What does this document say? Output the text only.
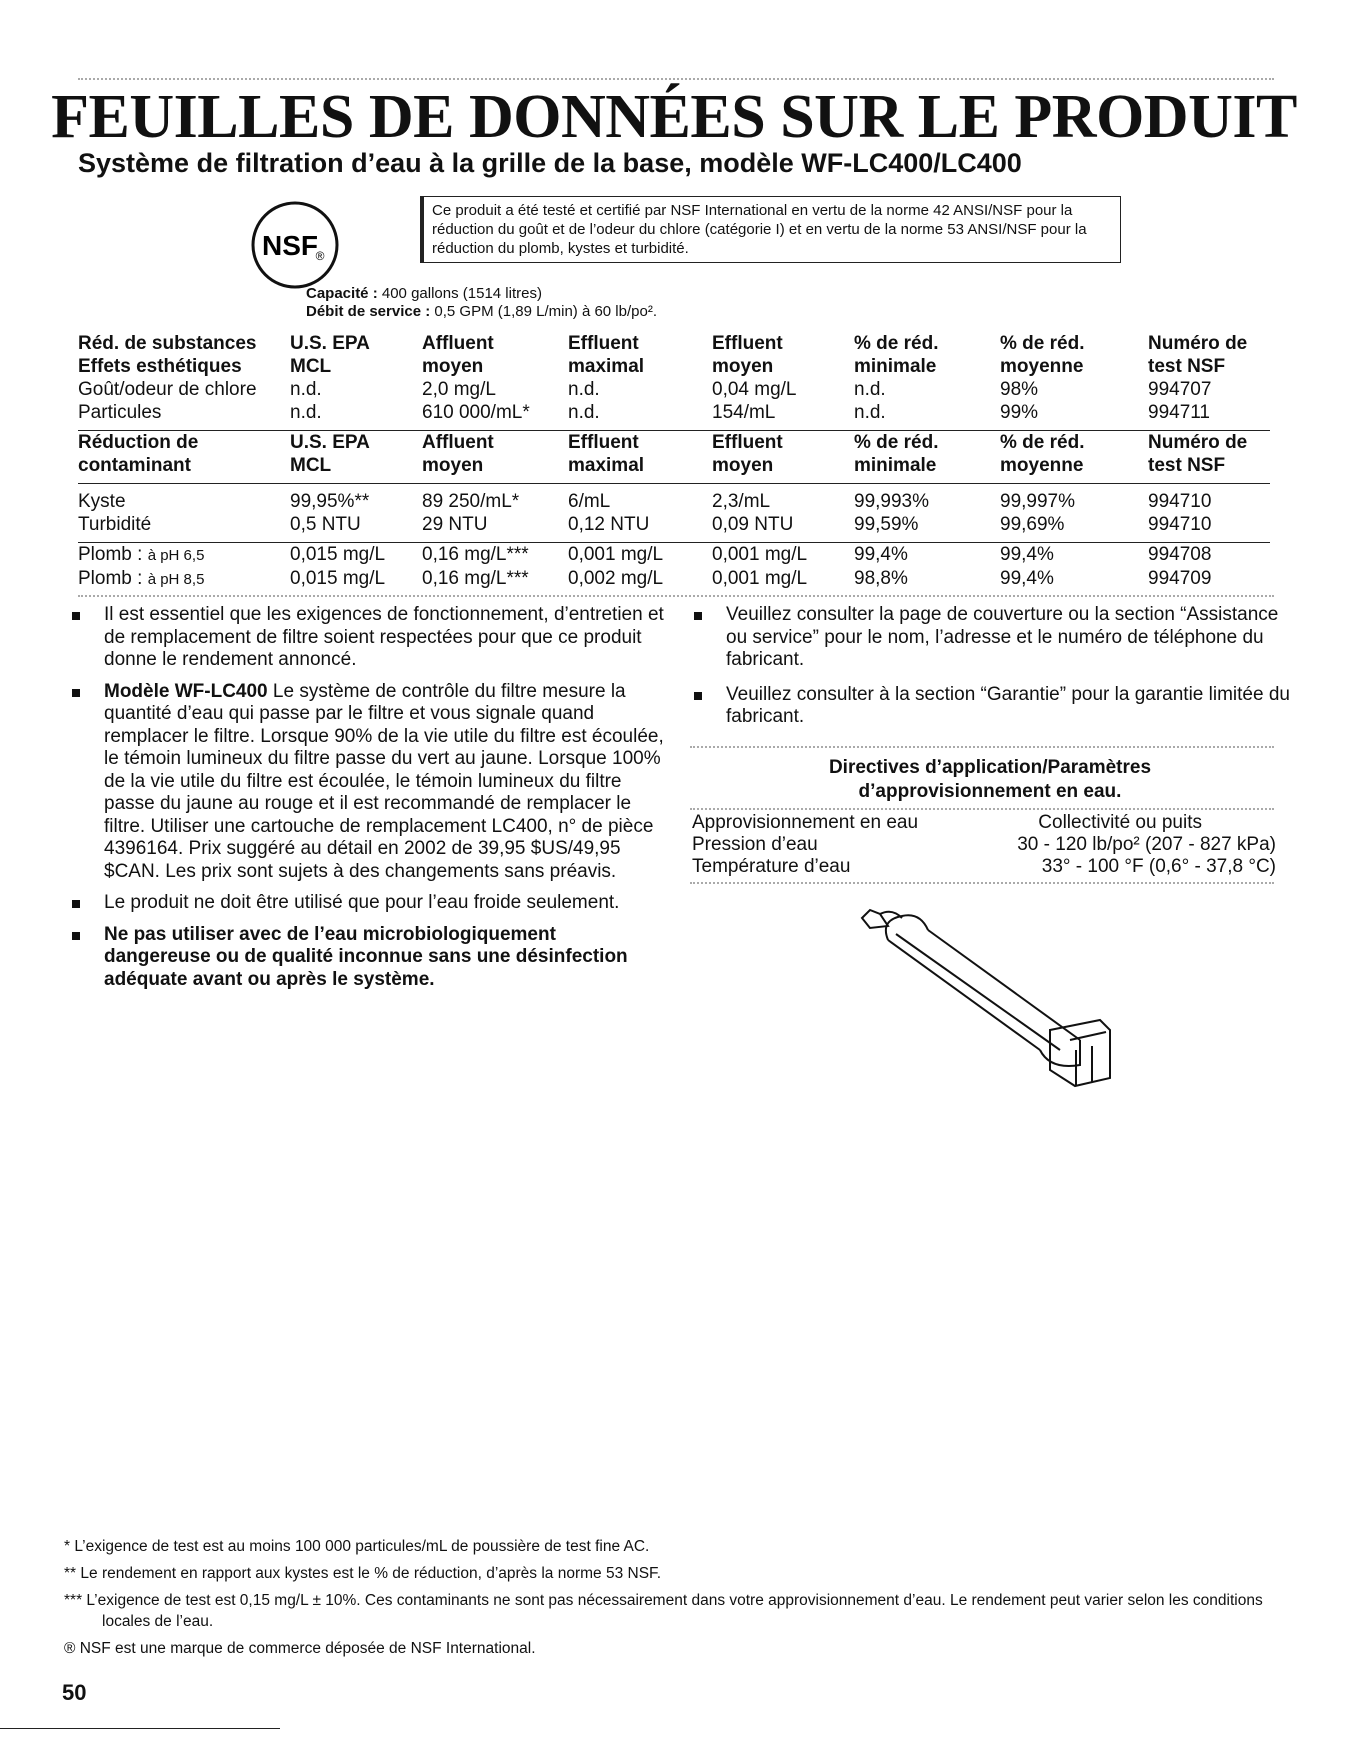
FEUILLES DE DONNÉES SUR LE PRODUIT
Système de filtration d’eau à la grille de la base, modèle WF-LC400/LC400
NSF
®
Ce produit a été testé et certifié par NSF International en vertu de la norme 42 ANSI/NSF pour la réduction du goût et de l’odeur du chlore (catégorie I) et en vertu de la norme 53 ANSI/NSF pour la réduction du plomb, kystes et turbidité.
Capacité : 400 gallons (1514 litres)
Débit de service : 0,5 GPM (1,89 L/min) à 60 lb/po².
Réd. de substances	U.S. EPA	Affluent	Effluent	Effluent	% de réd.	% de réd.	Numéro de
Effets esthétiques	MCL	moyen	maximal	moyen	minimale	moyenne	test NSF
Goût/odeur de chlore	n.d.	2,0 mg/L	n.d.	0,04 mg/L	n.d.	98%	994707
Particules	n.d.	610 000/mL*	n.d.	154/mL	n.d.	99%	994711

Réduction de	U.S. EPA	Affluent	Effluent	Effluent	% de réd.	% de réd.	Numéro de
contaminant	MCL	moyen	maximal	moyen	minimale	moyenne	test NSF

Kyste	99,95%**	89 250/mL*	6/mL	2,3/mL	99,993%	99,997%	994710
Turbidité	0,5 NTU	29 NTU	0,12 NTU	0,09 NTU	99,59%	99,69%	994710

Plomb : à pH 6,5	0,015 mg/L	0,16 mg/L***	0,001 mg/L	0,001 mg/L	99,4%	99,4%	994708
Plomb : à pH 8,5	0,015 mg/L	0,16 mg/L***	0,002 mg/L	0,001 mg/L	98,8%	99,4%	994709
Il est essentiel que les exigences de fonctionnement, d’entretien et de remplacement de filtre soient respectées pour que ce produit donne le rendement annoncé.
Modèle WF-LC400 Le système de contrôle du filtre mesure la quantité d’eau qui passe par le filtre et vous signale quand remplacer le filtre. Lorsque 90% de la vie utile du filtre est écoulée, le témoin lumineux du filtre passe du vert au jaune. Lorsque 100% de la vie utile du filtre est écoulée, le témoin lumineux du filtre passe du jaune au rouge et il est recommandé de remplacer le filtre. Utiliser une cartouche de remplacement LC400, n° de pièce 4396164. Prix suggéré au détail en 2002 de 39,95 $US/49,95 $CAN. Les prix sont sujets à des changements sans préavis.
Le produit ne doit être utilisé que pour l’eau froide seulement.
Ne pas utiliser avec de l’eau microbiologiquement dangereuse ou de qualité inconnue sans une désinfection adéquate avant ou après le système.
Veuillez consulter la page de couverture ou la section “Assistance ou service” pour le nom, l’adresse et le numéro de téléphone du fabricant.
Veuillez consulter à la section “Garantie” pour la garantie limitée du fabricant.
Directives d’application/Paramètres
d’approvisionnement en eau.
Approvisionnement en eau	Collectivité ou puits
Pression d’eau	30 - 120 lb/po² (207 - 827 kPa)
Température d’eau	33° - 100 °F (0,6° - 37,8 °C)

* L’exigence de test est au moins 100 000 particules/mL de poussière de test fine AC.

** Le rendement en rapport aux kystes est le % de réduction, d’après la norme 53 NSF.

*** L’exigence de test est 0,15 mg/L ± 10%. Ces contaminants ne sont pas nécessairement dans votre approvisionnement d’eau. Le rendement peut varier selon les conditions locales de l’eau.

® NSF est une marque de commerce déposée de NSF International.

50
